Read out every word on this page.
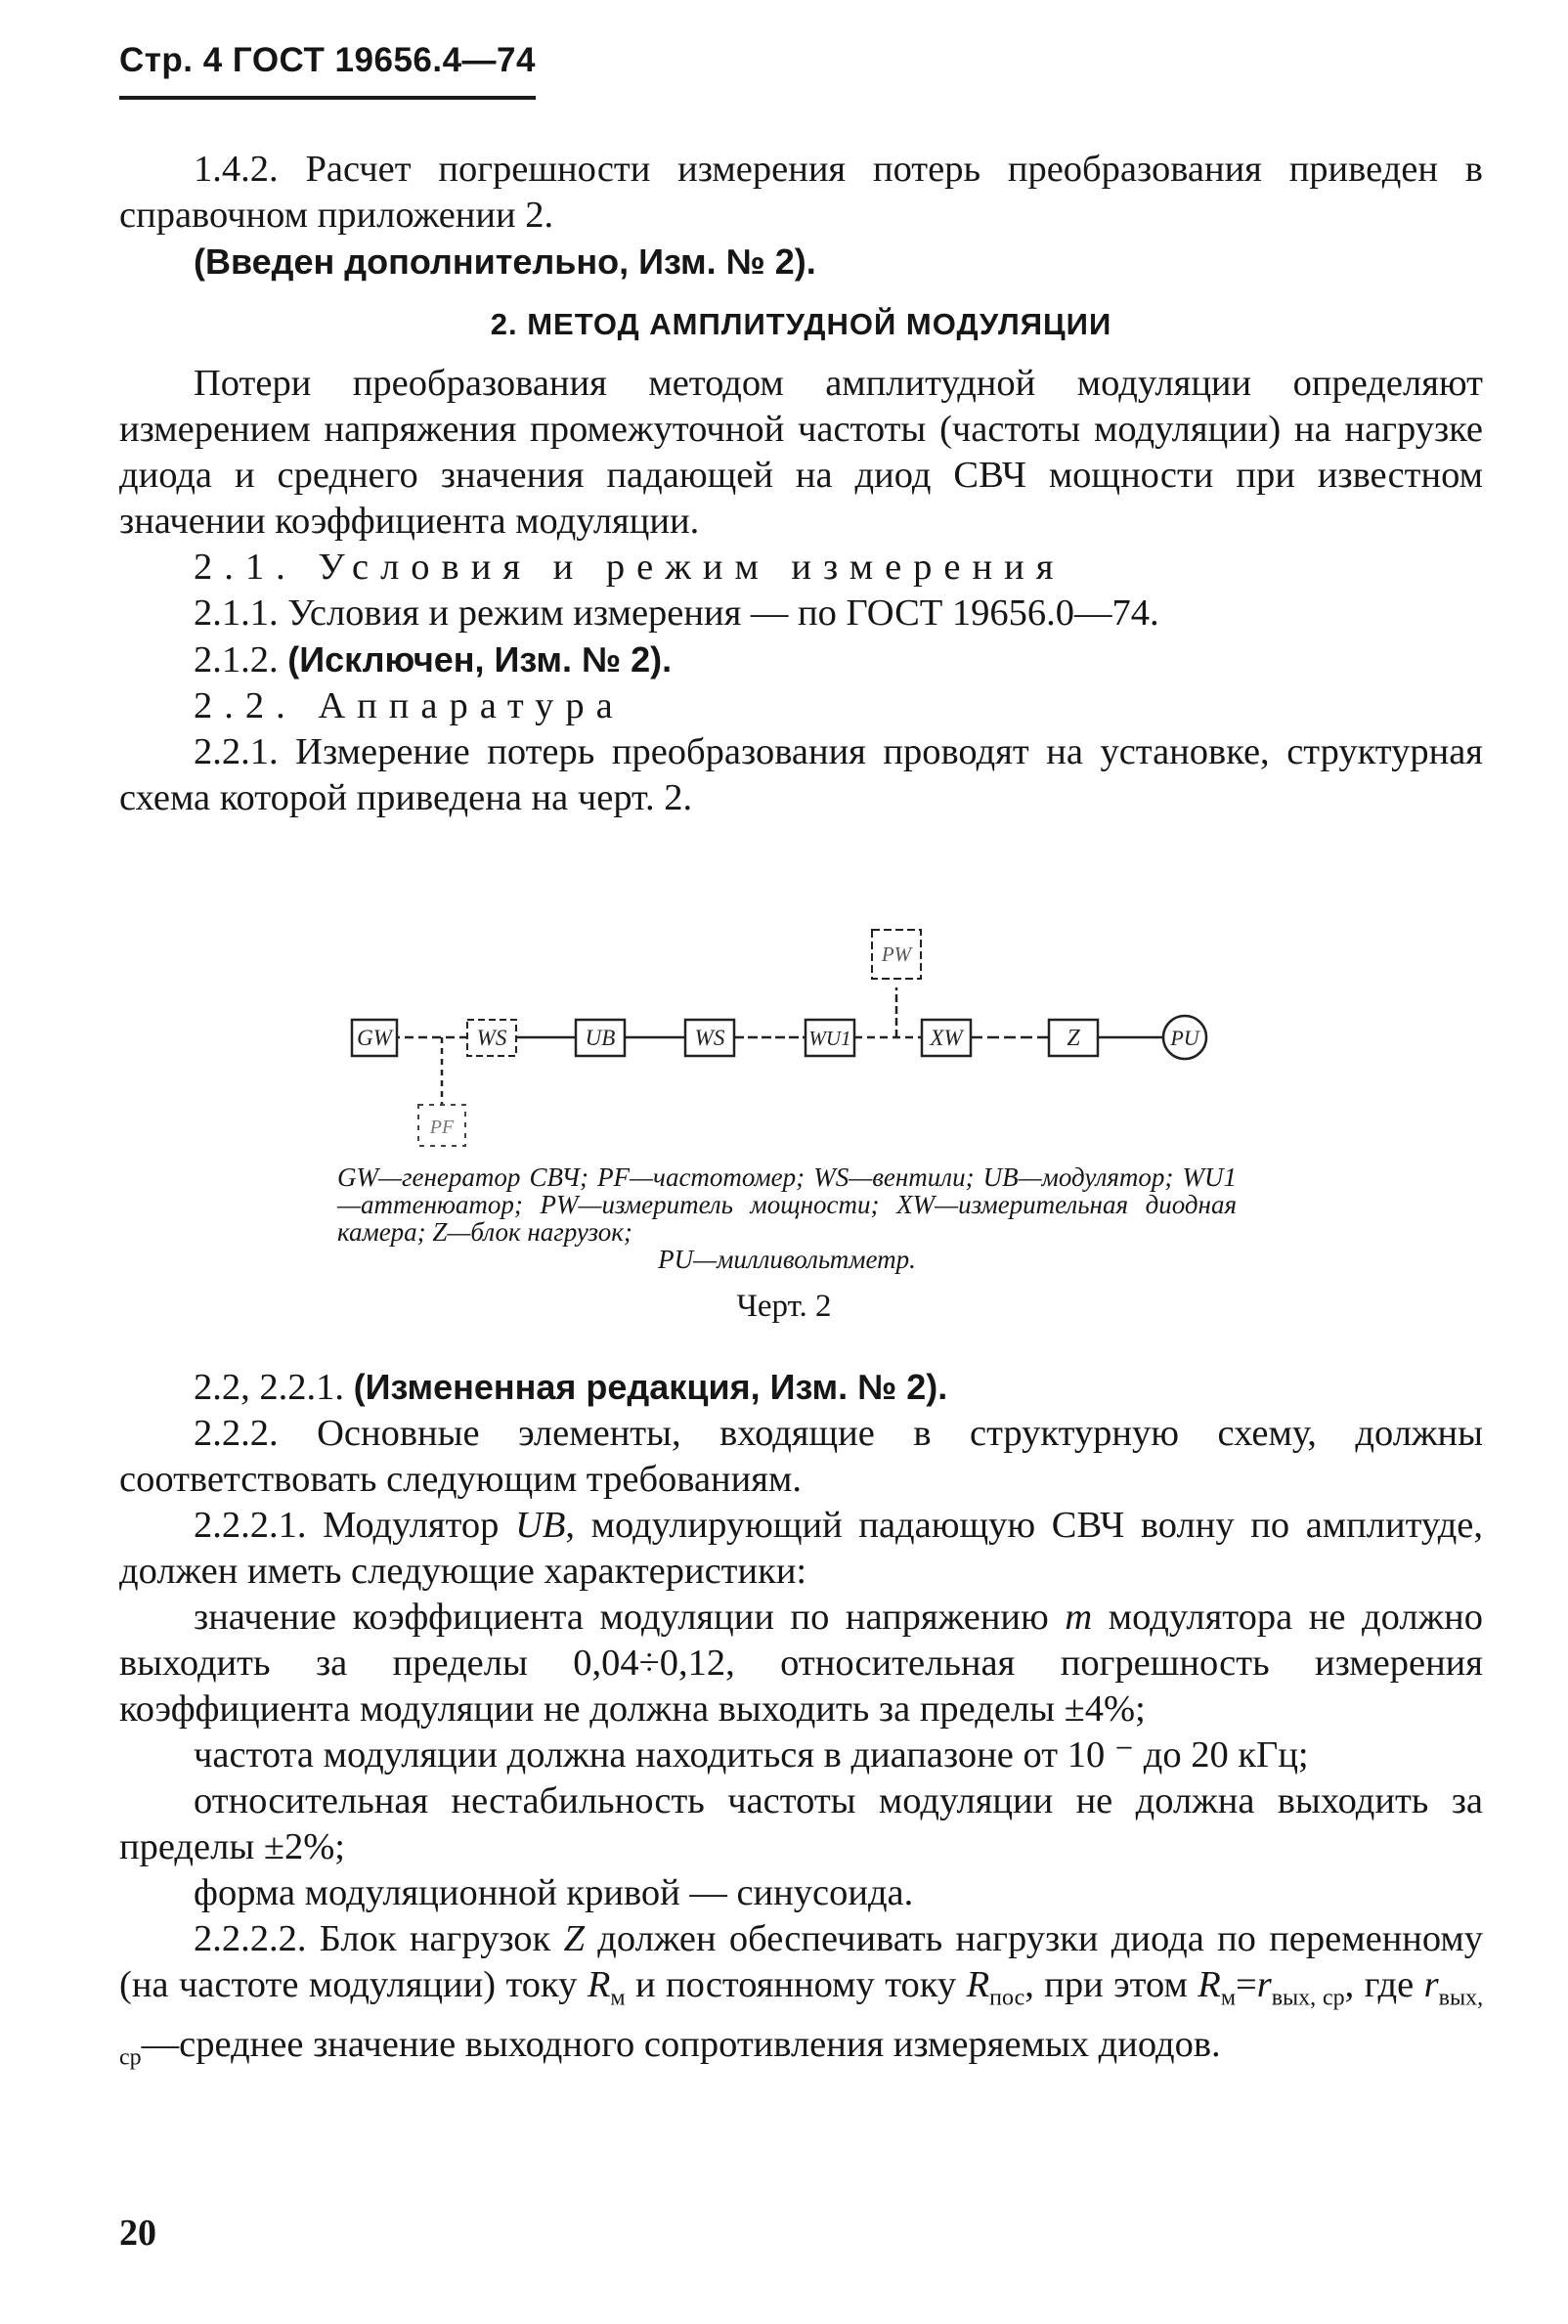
Стр. 4 ГОСТ 19656.4—74

1.4.2. Расчет погрешности измерения потерь преобразования приведен в справочном приложении 2.

(Введен дополнительно, Изм. № 2).

2. МЕТОД АМПЛИТУДНОЙ МОДУЛЯЦИИ

Потери преобразования методом амплитудной модуляции определяют измерением напряжения промежуточной частоты (частоты модуляции) на нагрузке диода и среднего значения падающей на диод СВЧ мощности при известном значении коэффициента модуляции.

2.1. Условия и режим измерения

2.1.1. Условия и режим измерения — по ГОСТ 19656.0—74.

2.1.2. (Исключен, Изм. № 2).

2.2. Аппаратура

2.2.1. Измерение потерь преобразования проводят на установке, структурная схема которой приведена на черт. 2.

GW	WS	UB	WS	WU1	XW	Z	PU
PW
PF
GW—генератор СВЧ; PF—частотомер; WS—вентили; UB—модулятор; WU1—аттенюатор; PW—измеритель мощности; XW—измерительная диодная камера; Z—блок нагрузок;
PU—милливольтметр.
Черт. 2

2.2, 2.2.1. (Измененная редакция, Изм. № 2).

2.2.2. Основные элементы, входящие в структурную схему, должны соответствовать следующим требованиям.

2.2.2.1. Модулятор UB, модулирующий падающую СВЧ волну по амплитуде, должен иметь следующие характеристики:

значение коэффициента модуляции по напряжению m модулятора не должно выходить за пределы 0,04÷0,12, относительная погрешность измерения коэффициента модуляции не должна выходить за пределы ±4%;

частота модуляции должна находиться в диапазоне от 10 ⁻ до 20 кГц;

относительная нестабильность частоты модуляции не должна выходить за пределы ±2%;

форма модуляционной кривой — синусоида.

2.2.2.2. Блок нагрузок Z должен обеспечивать нагрузки диода по переменному (на частоте модуляции) току $R_м$ и постоянному току $R_{пос}$, при этом $R_м=r_{вых, ср}$, где $r_{вых, ср}—среднее$ значение выходного сопротивления измеряемых диодов.

20
